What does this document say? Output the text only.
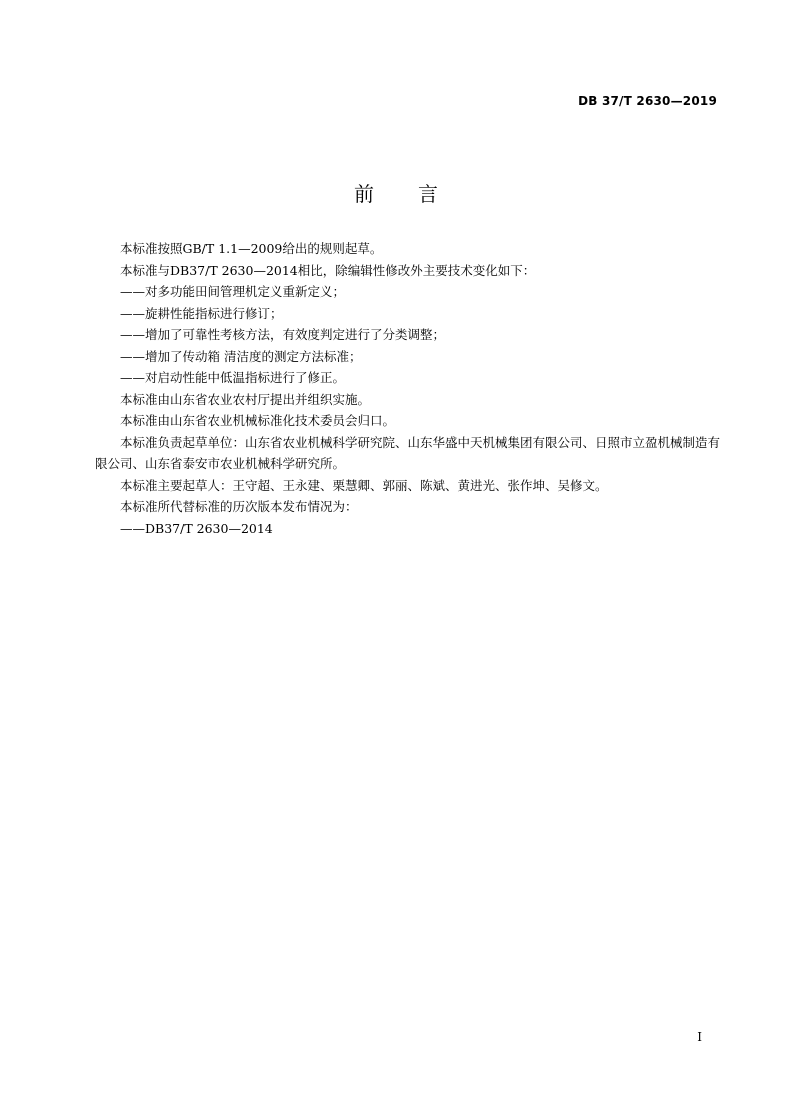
DB 37/T 2630—2019
前 言

本标准按照GB/T 1.1—2009给出的规则起草。

本标准与DB37/T 2630—2014相比，除编辑性修改外主要技术变化如下：

——对多功能田间管理机定义重新定义；

——旋耕性能指标进行修订；

——增加了可靠性考核方法，有效度判定进行了分类调整；

——增加了传动箱 清洁度的测定方法标准；

——对启动性能中低温指标进行了修正。

本标准由山东省农业农村厅提出并组织实施。

本标准由山东省农业机械标准化技术委员会归口。

本标准负责起草单位：山东省农业机械科学研究院、山东华盛中天机械集团有限公司、日照市立盈机械制造有限公司、山东省泰安市农业机械科学研究所。

本标准主要起草人：王守超、王永建、栗慧卿、郭丽、陈斌、黄进光、张作坤、吴修文。

本标准所代替标准的历次版本发布情况为：

——DB37/T 2630—2014

I
